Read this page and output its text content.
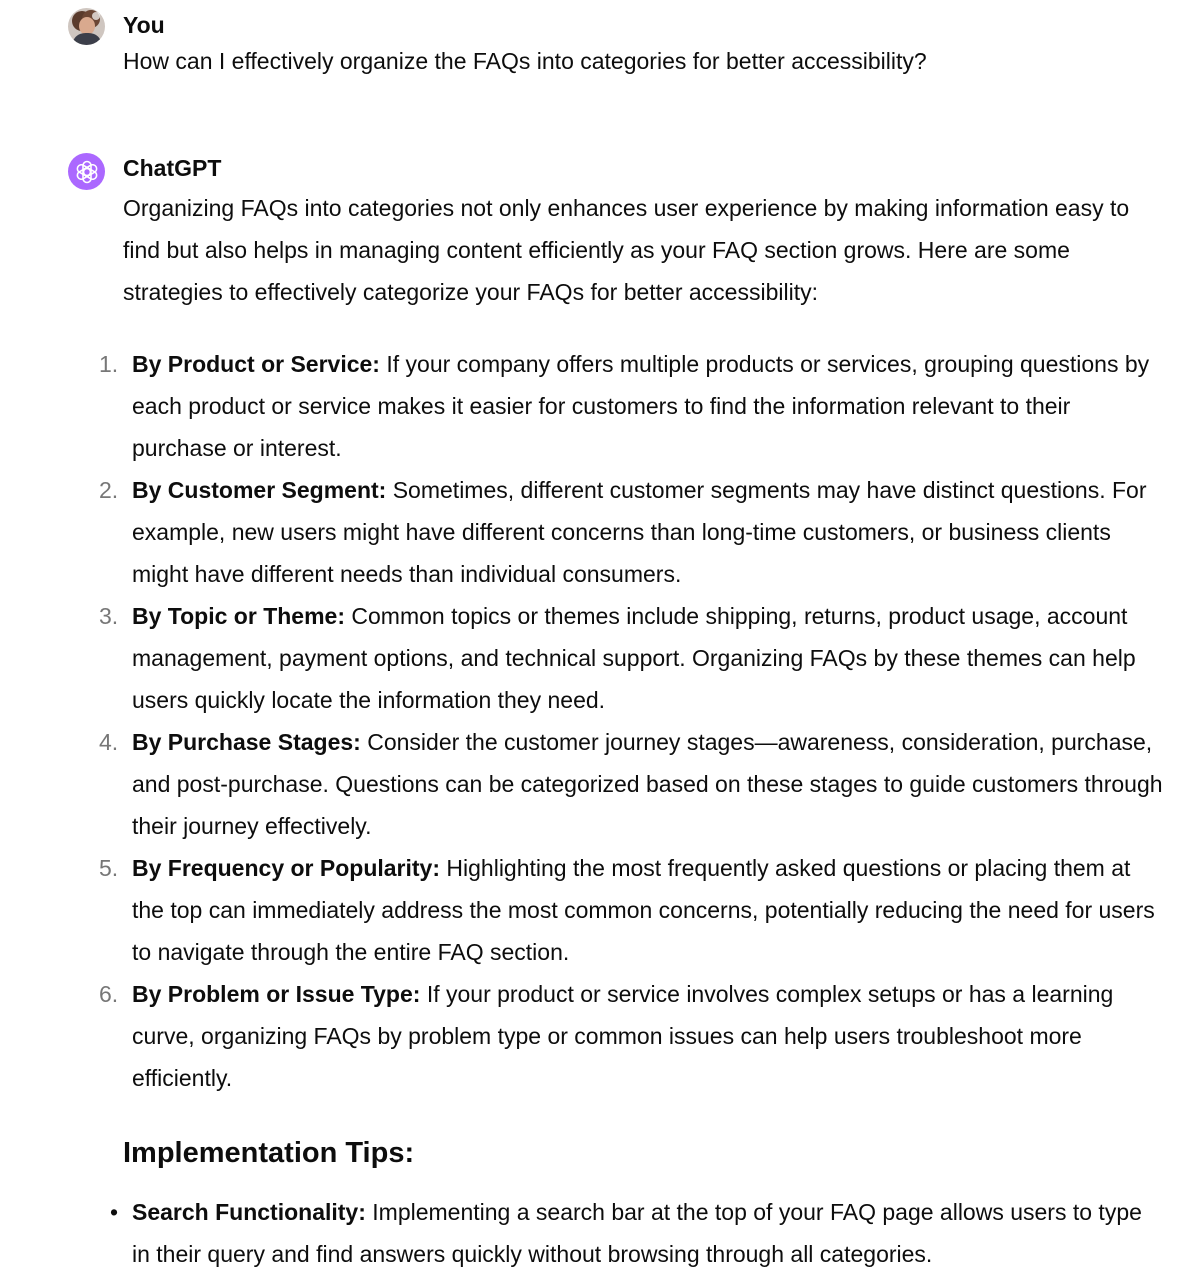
You
How can I effectively organize the FAQs into categories for better accessibility?
ChatGPT

Organizing FAQs into categories not only enhances user experience by making information easy to find but also helps in managing content efficiently as your FAQ section grows. Here are some strategies to effectively categorize your FAQs for better accessibility:

1. By Product or Service: If your company offers multiple products or services, grouping questions by each product or service makes it easier for customers to find the information relevant to their purchase or interest.
2. By Customer Segment: Sometimes, different customer segments may have distinct questions. For example, new users might have different concerns than long-time customers, or business clients might have different needs than individual consumers.
3. By Topic or Theme: Common topics or themes include shipping, returns, product usage, account management, payment options, and technical support. Organizing FAQs by these themes can help users quickly locate the information they need.
4. By Purchase Stages: Consider the customer journey stages—awareness, consideration, purchase, and post-purchase. Questions can be categorized based on these stages to guide customers through their journey effectively.
5. By Frequency or Popularity: Highlighting the most frequently asked questions or placing them at the top can immediately address the most common concerns, potentially reducing the need for users to navigate through the entire FAQ section.
6. By Problem or Issue Type: If your product or service involves complex setups or has a learning curve, organizing FAQs by problem type or common issues can help users troubleshoot more efficiently.
Implementation Tips:
• Search Functionality: Implementing a search bar at the top of your FAQ page allows users to type in their query and find answers quickly without browsing through all categories.
